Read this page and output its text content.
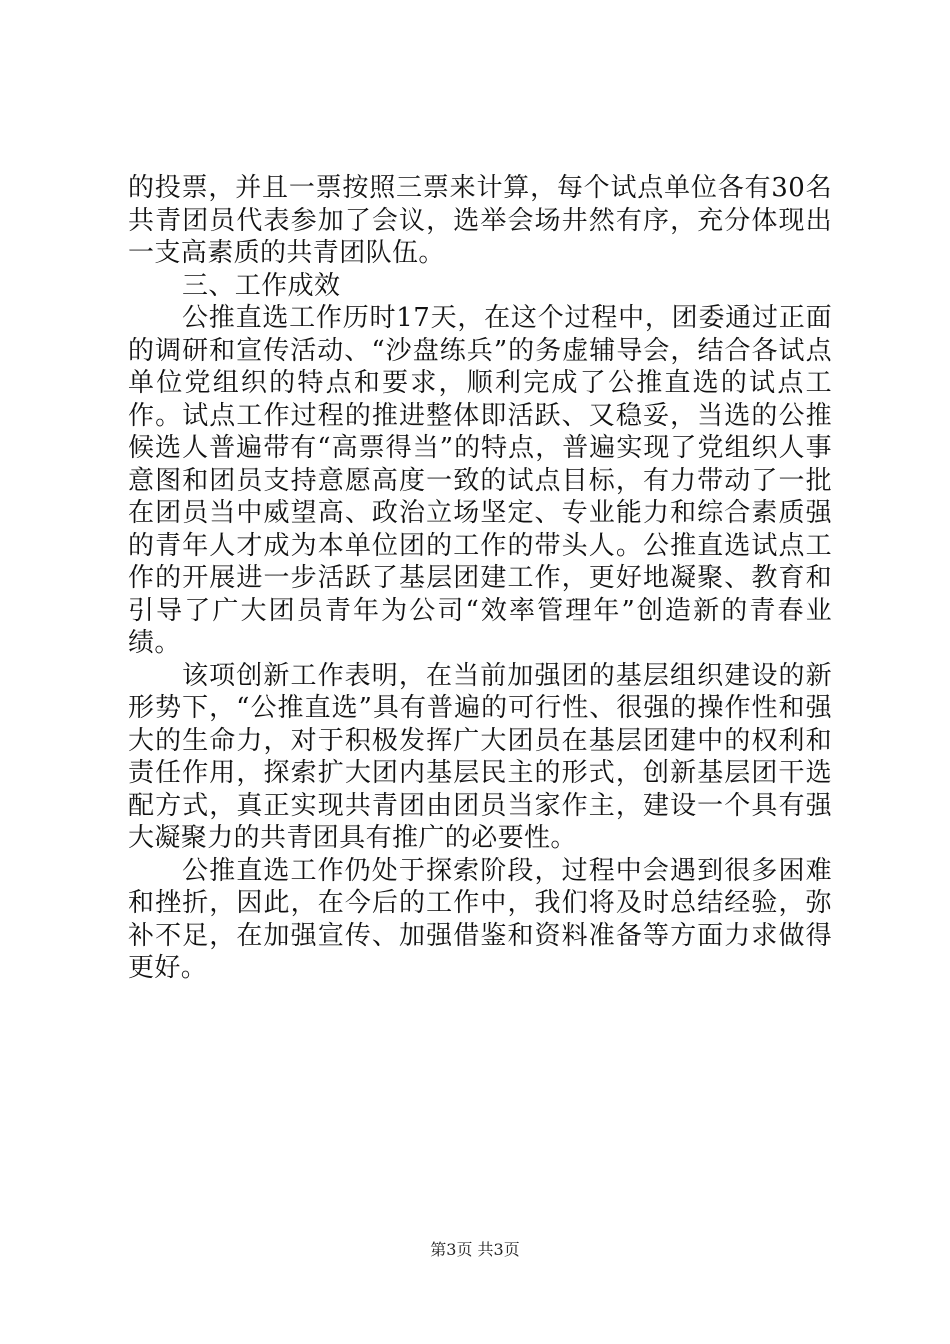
的投票，并且一票按照三票来计算，每个试点单位各有30名共青团员代表参加了会议，选举会场井然有序，充分体现出一支高素质的共青团队伍。

三、工作成效

公推直选工作历时17天，在这个过程中，团委通过正面的调研和宣传活动、“沙盘练兵”的务虚辅导会，结合各试点单位党组织的特点和要求，顺利完成了公推直选的试点工作。试点工作过程的推进整体即活跃、又稳妥，当选的公推候选人普遍带有“高票得当”的特点，普遍实现了党组织人事意图和团员支持意愿高度一致的试点目标，有力带动了一批在团员当中威望高、政治立场坚定、专业能力和综合素质强的青年人才成为本单位团的工作的带头人。公推直选试点工作的开展进一步活跃了基层团建工作，更好地凝聚、教育和引导了广大团员青年为公司“效率管理年”创造新的青春业绩。

该项创新工作表明，在当前加强团的基层组织建设的新形势下，“公推直选”具有普遍的可行性、很强的操作性和强大的生命力，对于积极发挥广大团员在基层团建中的权利和责任作用，探索扩大团内基层民主的形式，创新基层团干选配方式，真正实现共青团由团员当家作主，建设一个具有强大凝聚力的共青团具有推广的必要性。

公推直选工作仍处于探索阶段，过程中会遇到很多困难和挫折，因此，在今后的工作中，我们将及时总结经验，弥补不足，在加强宣传、加强借鉴和资料准备等方面力求做得更好。

第3页 共3页
